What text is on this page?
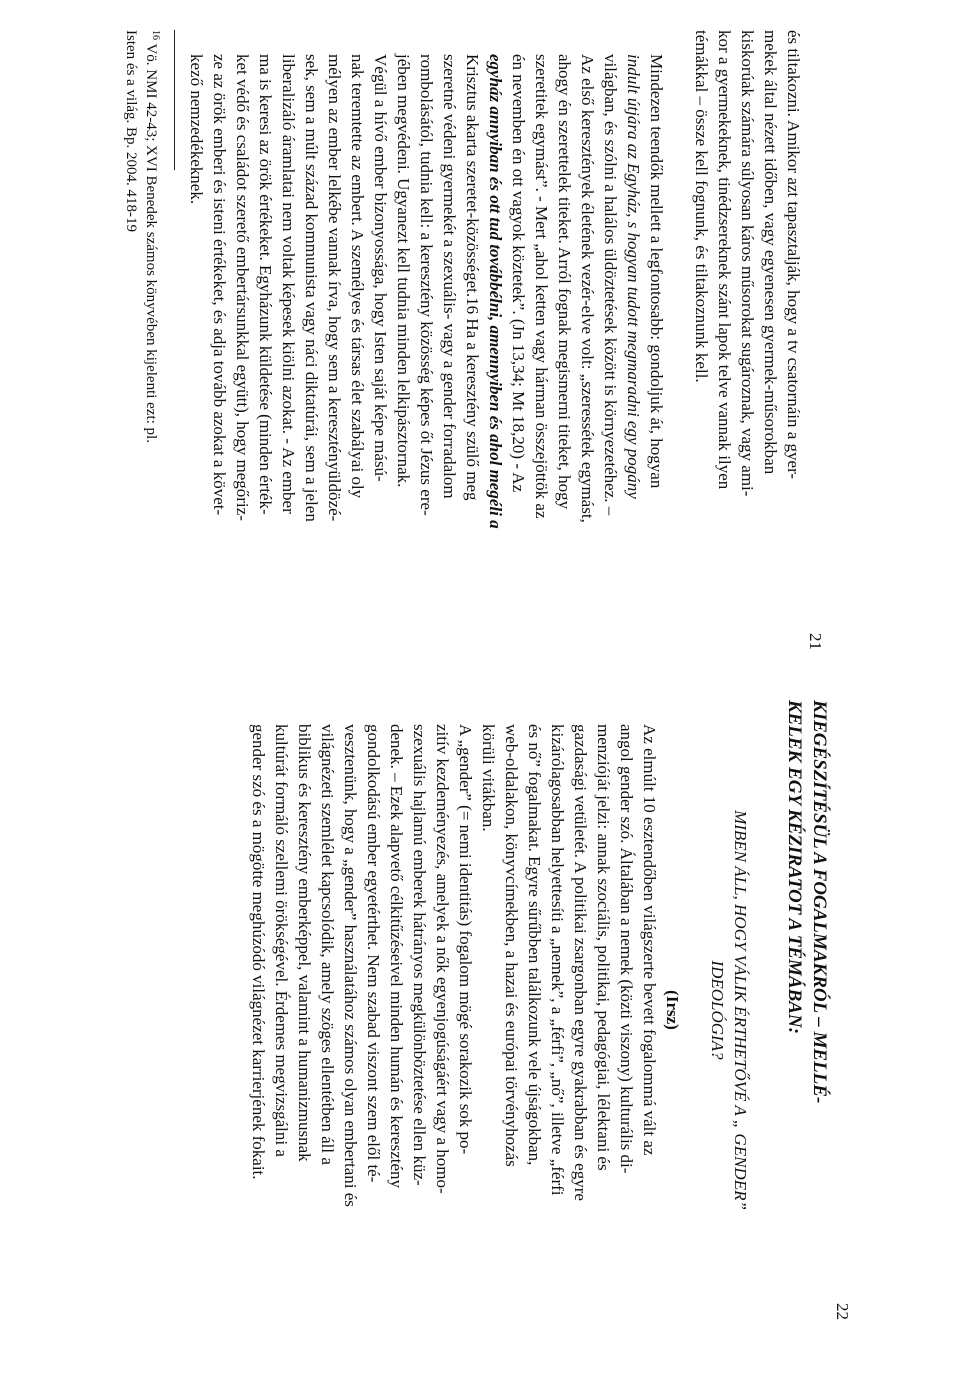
21

és tiltakozni. Amikor azt tapasztalják, hogy a tv csatornáin a gyer-
mekek által nézett időben, vagy egyenesen gyermek-műsorokban
kiskorúak számára súlyosan káros műsorokat sugároznak, vagy ami-
kor a gyermekeknek, tinédzsereknek szánt lapok telve vannak ilyen
témákkal – össze kell fognunk, és tiltakoznunk kell.

Mindezen teendők mellett a legfontosabb: gondoljuk át, hogyan
indult útjára az Egyház, s hogyan tudott megmaradni egy pogány
világban, és szólni a halálos üldöztetések között is környezetéhez. –
Az első keresztények életének vezér-elve volt: „szeressétek egymást,
ahogy én szerettelek titeket. Arról fognak megismerni titeket, hogy
szeretitek egymást”. - Mert „ahol ketten vagy hárman összejöttök az
én nevemben én ott vagyok köztetek”. (Jn 13,34; Mt 18,20) - Az
egyház annyiban és ott tud továbbélni, amennyiben és ahol megéli a
Krisztus akarta szeretet-közösséget.16 Ha a keresztény szülő meg
szeretné védeni gyermekét a szexuális- vagy a gender forradalom
rombolásától, tudnia kell: a keresztény közösség képes őt Jézus ere-
jében megvédeni. Ugyanezt kell tudnia minden lelkipásztornak.

Végül a hívő ember bizonyossága, hogy Isten saját képe mású-
nak teremtette az embert. A személyes és társas élet szabályai oly
mélyen az ember lelkébe vannak írva, hogy sem a keresztényüldözé-
sek, sem a múlt század kommunista vagy náci diktatúrái, sem a jelen
liberalizáló áramlatai nem voltak képesek kiölni azokat. - Az ember
ma is keresi az örök értékeket. Egyházunk küldetése (minden érték-
ket védő és családot szerető embertársunkkal együtt), hogy megőriz-
ze az örök emberi és isteni értékeket, és adja tovább azokat a követ-
kező nemzedékeknek.

$^{16}$ Vö. NMI 42-43; XVI Benedek számos könyvében kijelenti ezt: pl.
Isten és a világ. Bp. 2004. 418-19
22

KIEGÉSZÍTÉSÜL A FOGALMAKRÓL – MELLÉ-
KELEK EGY KÉZIRATOT A TÉMÁBAN:

MIBEN ÁLL, HOGY VÁLIK ÉRTHETŐVÉ A „ GENDER”
IDEOLÓGIA?
(Irsz)

Az elmúlt 10 esztendőben világszerte bevett fogalommá vált az
angol gender szó. Általában a nemek (közti viszony) kulturális di-
menzióját jelzi: annak szociális, politikai, pedagógiai, lélektani és
gazdasági vetületét. A politikai zsargonban egyre gyakrabban és egyre
kizárólagosabban helyettesíti a „nemek”, a „férfi”, „nő”, illetve „férfi
és nő” fogalmakat. Egyre sűrűbben találkozunk vele újságokban,
web-oldalakon, könyvcímekben, a hazai és európai törvényhozás
körüli vitákban.

A „gender” (= nemi identitás) fogalom mögé sorakozik sok po-
zitív kezdeményezés, amelyek a nők egyenjogúságáért vagy a homo-
szexuális hajlamú emberek hátrányos megkülönböztetése ellen küz-
denek. – Ezek alapvető célkitűzéseivel minden humán és keresztény
gondolkodású ember egyetérthet. Nem szabad viszont szem elől té-
vesztenünk, hogy a „gender” használatához számos olyan embertani és
világnézeti szemlélet kapcsolódik, amely szöges ellentétben áll a
biblikus és keresztény emberképpel, valamint a humanizmusnak
kultúrát formáló szellemi örökségével. Érdemes megvizsgálni a
gender szó és a mögötte meghúzódó világnézet karrierjének fokait.
